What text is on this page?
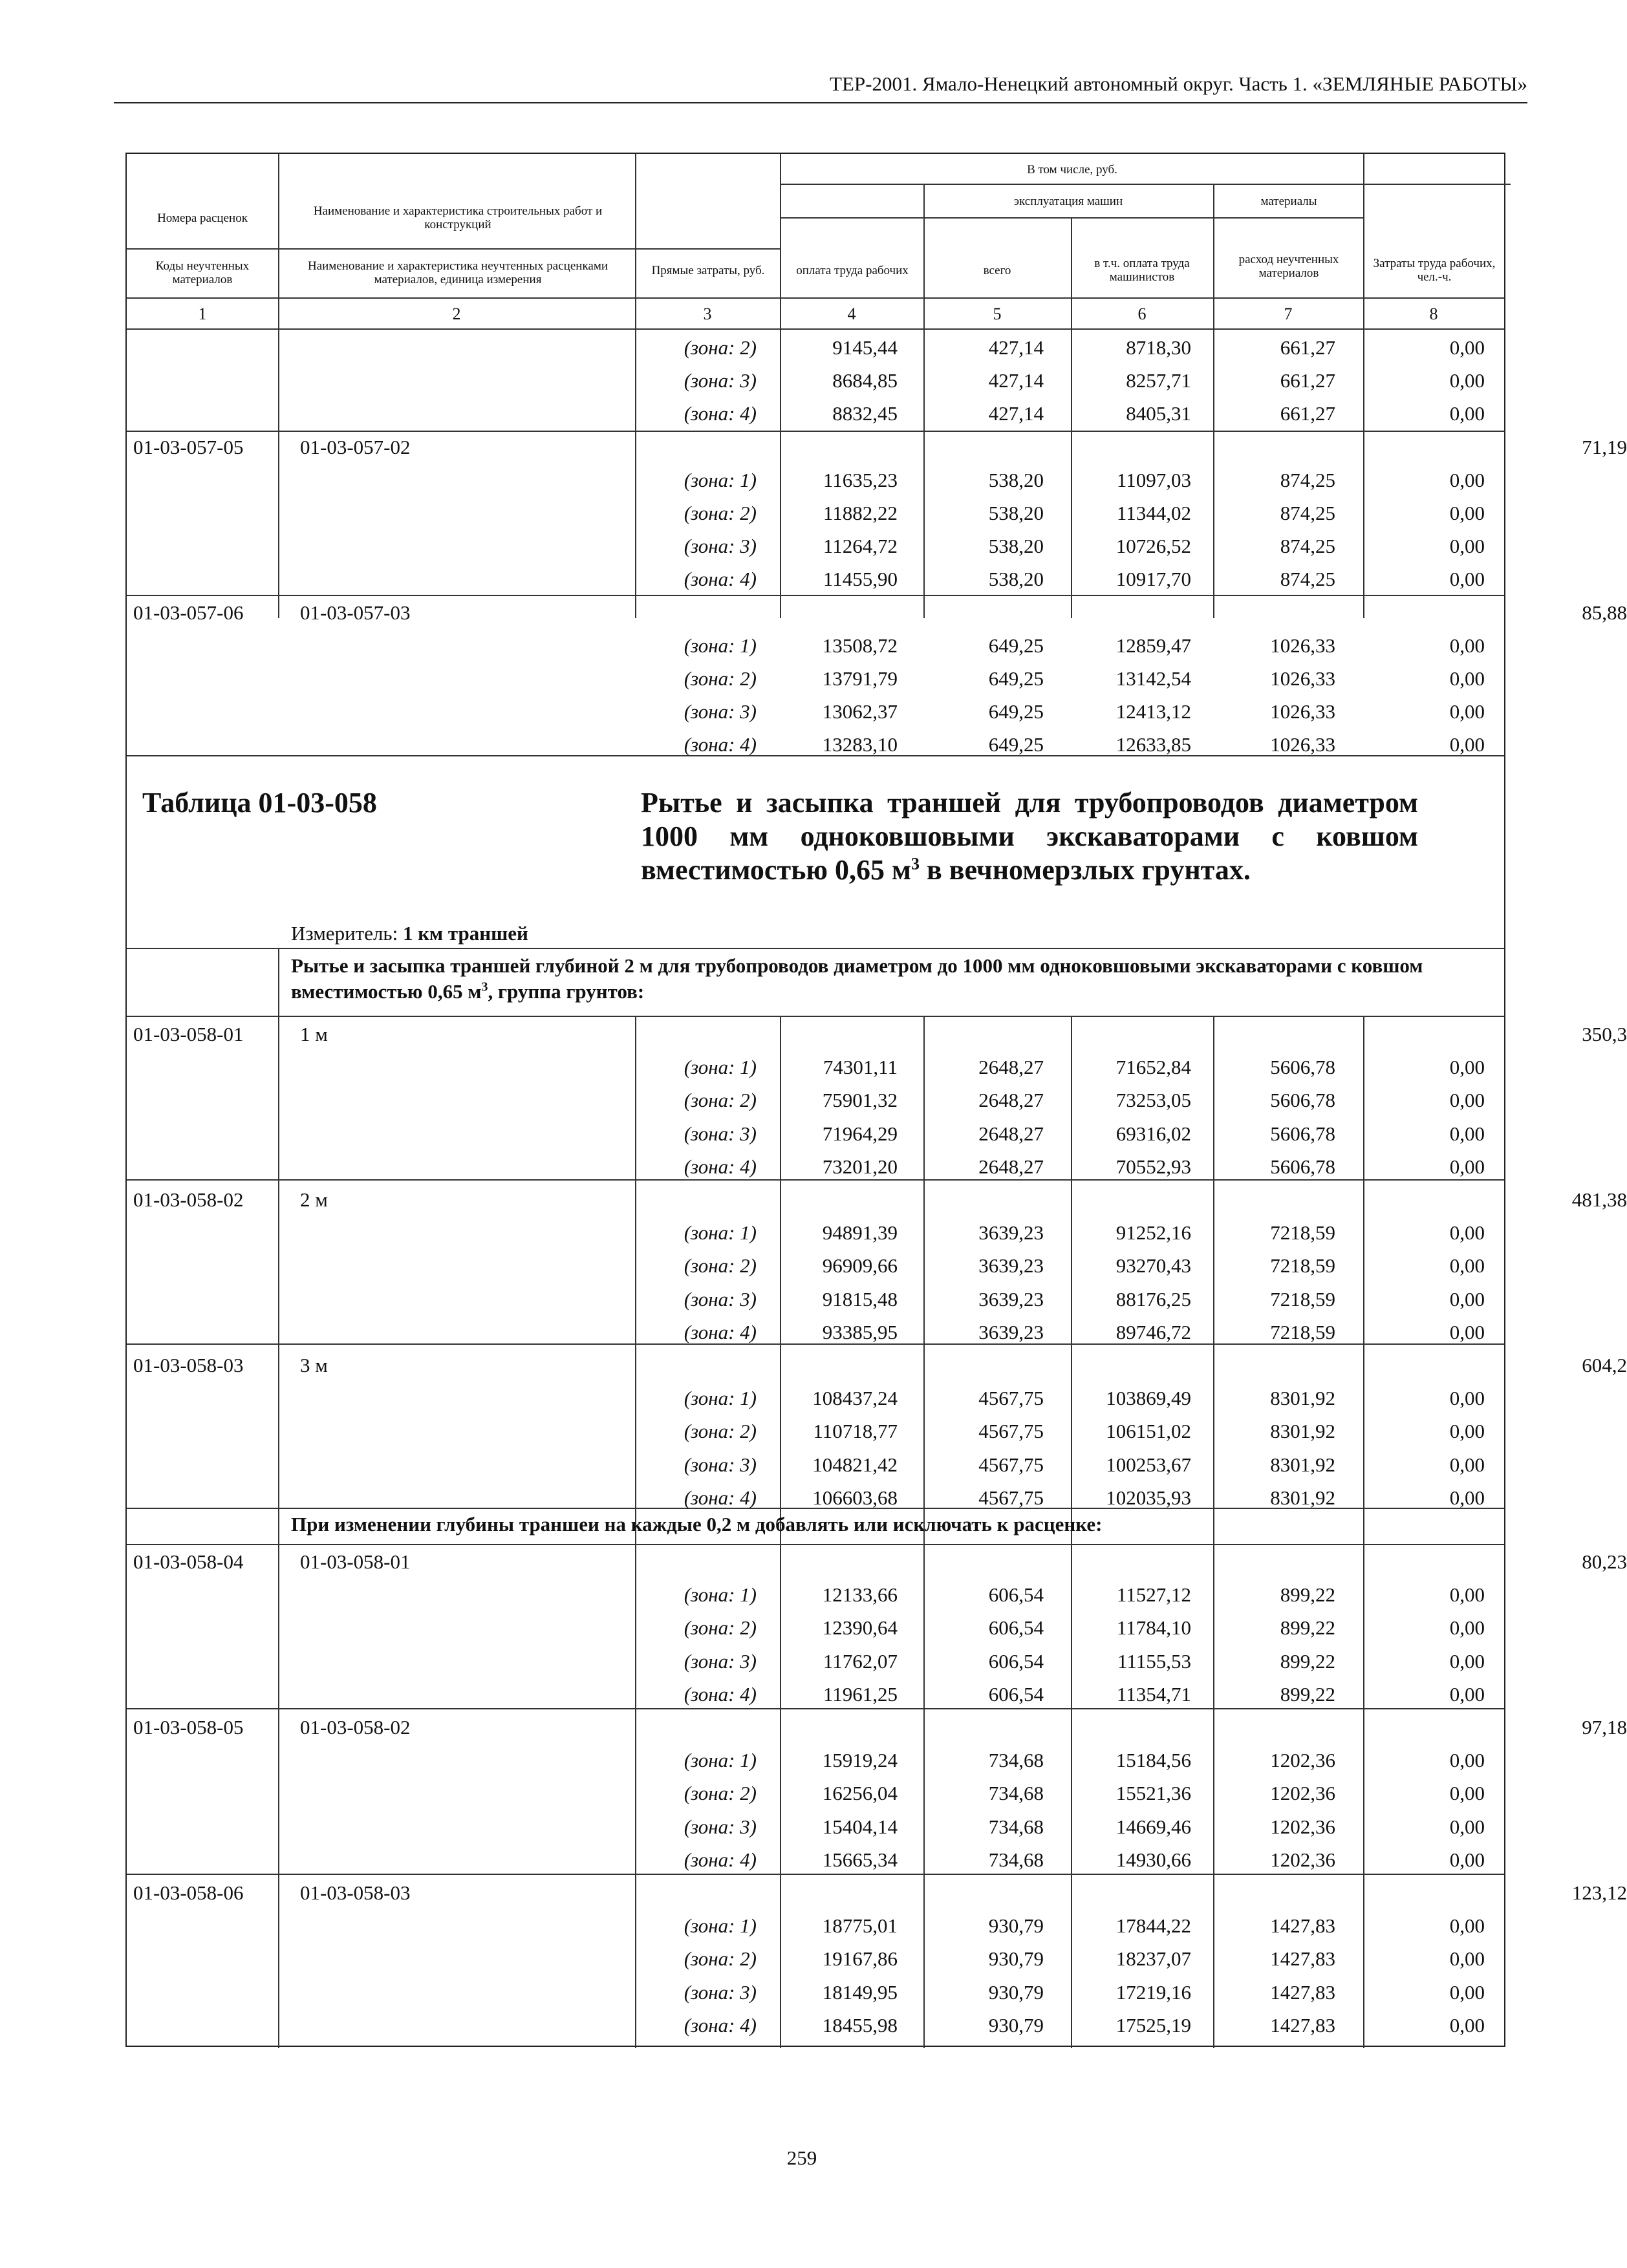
ТЕР-2001. Ямало-Ненецкий автономный округ. Часть 1. «ЗЕМЛЯНЫЕ РАБОТЫ»
Номера расценок
Коды неучтенных материалов
Наименование и характеристика строительных работ и конструкций
Наименование и характеристика неучтенных расценками материалов, единица измерения
Прямые затраты, руб.
В том числе, руб.
оплата труда рабочих
эксплуатация машин
всего	в т.ч. оплата труда машинистов
материалы
расход неучтенных материалов
Затраты труда рабочих, чел.-ч.
1	2	3	4	5	6	7	8
(зона: 2)	9145,44	427,14	8718,30	661,27	0,00
(зона: 3)	8684,85	427,14	8257,71	661,27	0,00
(зона: 4)	8832,45	427,14	8405,31	661,27	0,00
01-03-057-05	01-03-057-02	71,19
(зона: 1)	11635,23	538,20	11097,03	874,25	0,00
(зона: 2)	11882,22	538,20	11344,02	874,25	0,00
(зона: 3)	11264,72	538,20	10726,52	874,25	0,00
(зона: 4)	11455,90	538,20	10917,70	874,25	0,00
01-03-057-06	01-03-057-03	85,88
(зона: 1)	13508,72	649,25	12859,47	1026,33	0,00
(зона: 2)	13791,79	649,25	13142,54	1026,33	0,00
(зона: 3)	13062,37	649,25	12413,12	1026,33	0,00
(зона: 4)	13283,10	649,25	12633,85	1026,33	0,00
Таблица 01-03-058	Рытье и засыпка траншей для трубопроводов диаметром 1000 мм одноковшовыми экскаваторами с ковшом вместимостью 0,65 $м^3$ в вечномерзлых грунтах.
Измеритель: 1 км траншей
Рытье и засыпка траншей глубиной 2 м для трубопроводов диаметром до 1000 мм одноковшовыми экскаваторами с ковшом вместимостью 0,65 $м^3$, группа грунтов:
01-03-058-01	1 м	350,3
(зона: 1)	74301,11	2648,27	71652,84	5606,78	0,00
(зона: 2)	75901,32	2648,27	73253,05	5606,78	0,00
(зона: 3)	71964,29	2648,27	69316,02	5606,78	0,00
(зона: 4)	73201,20	2648,27	70552,93	5606,78	0,00
01-03-058-02	2 м	481,38
(зона: 1)	94891,39	3639,23	91252,16	7218,59	0,00
(зона: 2)	96909,66	3639,23	93270,43	7218,59	0,00
(зона: 3)	91815,48	3639,23	88176,25	7218,59	0,00
(зона: 4)	93385,95	3639,23	89746,72	7218,59	0,00
01-03-058-03	3 м	604,2
(зона: 1)	108437,24	4567,75	103869,49	8301,92	0,00
(зона: 2)	110718,77	4567,75	106151,02	8301,92	0,00
(зона: 3)	104821,42	4567,75	100253,67	8301,92	0,00
(зона: 4)	106603,68	4567,75	102035,93	8301,92	0,00
При изменении глубины траншеи на каждые 0,2 м добавлять или исключать к расценке:
01-03-058-04	01-03-058-01	80,23
(зона: 1)	12133,66	606,54	11527,12	899,22	0,00
(зона: 2)	12390,64	606,54	11784,10	899,22	0,00
(зона: 3)	11762,07	606,54	11155,53	899,22	0,00
(зона: 4)	11961,25	606,54	11354,71	899,22	0,00
01-03-058-05	01-03-058-02	97,18
(зона: 1)	15919,24	734,68	15184,56	1202,36	0,00
(зона: 2)	16256,04	734,68	15521,36	1202,36	0,00
(зона: 3)	15404,14	734,68	14669,46	1202,36	0,00
(зона: 4)	15665,34	734,68	14930,66	1202,36	0,00
01-03-058-06	01-03-058-03	123,12
(зона: 1)	18775,01	930,79	17844,22	1427,83	0,00
(зона: 2)	19167,86	930,79	18237,07	1427,83	0,00
(зона: 3)	18149,95	930,79	17219,16	1427,83	0,00
(зона: 4)	18455,98	930,79	17525,19	1427,83	0,00
259
